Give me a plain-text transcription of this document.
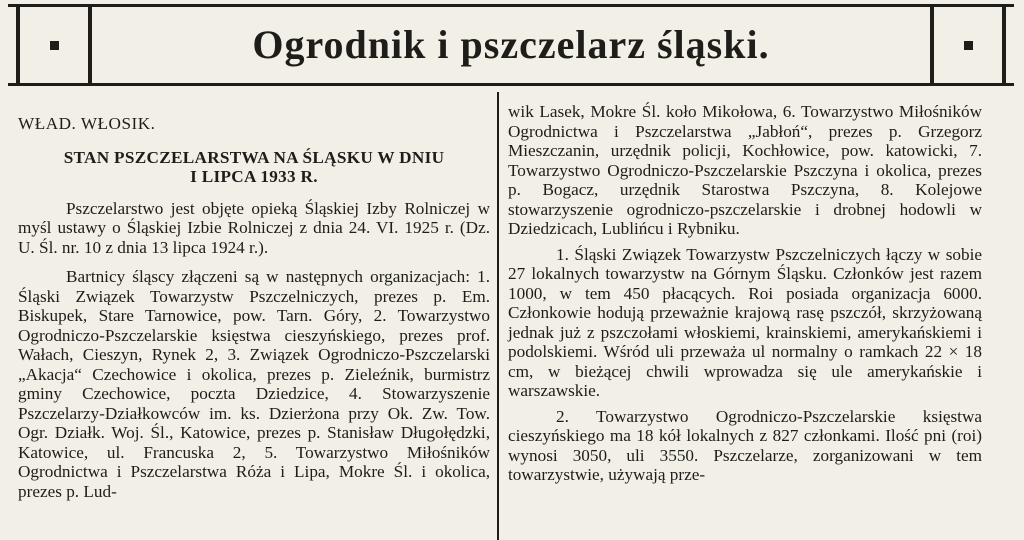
Ogrodnik i pszczelarz śląski.
WŁAD. WŁOSIK.
STAN PSZCZELARSTWA NA ŚLĄSKU W DNIU
I LIPCA 1933 R.

Pszczelarstwo jest objęte opieką Śląskiej Izby Rolniczej w myśl ustawy o Śląskiej Izbie Rolniczej z dnia 24. VI. 1925 r. (Dz. U. Śl. nr. 10 z dnia 13 lipca 1924 r.).

Bartnicy śląscy złączeni są w następnych organizacjach: 1. Śląski Związek Towarzystw Pszczelniczych, prezes p. Em. Biskupek, Stare Tarnowice, pow. Tarn. Góry, 2. Towarzystwo Ogrodniczo-Pszczelarskie księstwa cieszyńskiego, prezes prof. Wałach, Cieszyn, Rynek 2, 3. Związek Ogrodniczo-Pszczelarski „Akacja“ Czechowice i okolica, prezes p. Zieleźnik, burmistrz gminy Czechowice, poczta Dziedzice, 4. Stowarzyszenie Pszczelarzy-Działkowców im. ks. Dzierżona przy Ok. Zw. Tow. Ogr. Działk. Woj. Śl., Katowice, prezes p. Stanisław Długołędzki, Katowice, ul. Francuska 2, 5. Towarzystwo Miłośników Ogrodnictwa i Pszczelarstwa Róża i Lipa, Mokre Śl. i okolica, prezes p. Lud-

wik Lasek, Mokre Śl. koło Mikołowa, 6. Towarzystwo Miłośników Ogrodnictwa i Pszczelarstwa „Jabłoń“, prezes p. Grzegorz Mieszczanin, urzędnik policji, Kochłowice, pow. katowicki, 7. Towarzystwo Ogrodniczo-Pszczelarskie Pszczyna i okolica, prezes p. Bogacz, urzędnik Starostwa Pszczyna, 8. Kolejowe stowarzyszenie ogrodniczo-pszczelarskie i drobnej hodowli w Dziedzicach, Lublińcu i Rybniku.

1. Śląski Związek Towarzystw Pszczelniczych łączy w sobie 27 lokalnych towarzystw na Górnym Śląsku. Członków jest razem 1000, w tem 450 płacących. Roi posiada organizacja 6000. Członkowie hodują przeważnie krajową rasę pszczół, skrzyżowaną jednak już z pszczołami włoskiemi, krainskiemi, amerykańskiemi i podolskiemi. Wśród uli przeważa ul normalny o ramkach 22 × 18 cm, w bieżącej chwili wprowadza się ule amerykańskie i warszawskie.

2. Towarzystwo Ogrodniczo-Pszczelarskie księstwa cieszyńskiego ma 18 kół lokalnych z 827 członkami. Ilość pni (roi) wynosi 3050, uli 3550. Pszczelarze, zorganizowani w tem towarzystwie, używają prze-
